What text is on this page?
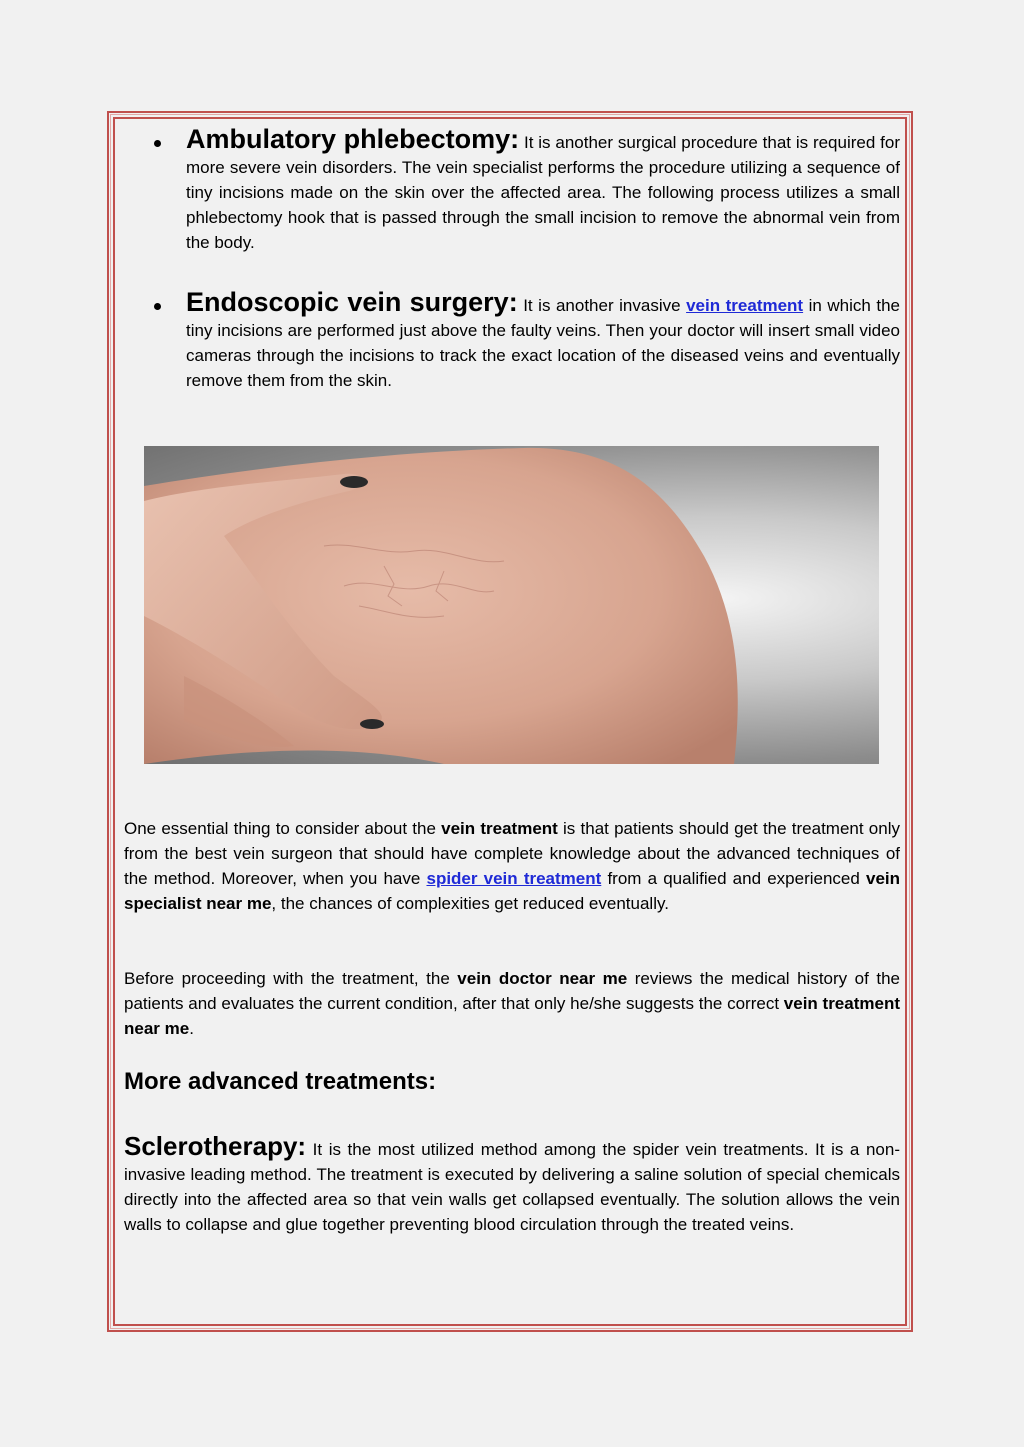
Ambulatory phlebectomy: It is another surgical procedure that is required for more severe vein disorders. The vein specialist performs the procedure utilizing a sequence of tiny incisions made on the skin over the affected area. The following process utilizes a small phlebectomy hook that is passed through the small incision to remove the abnormal vein from the body.
Endoscopic vein surgery: It is another invasive vein treatment in which the tiny incisions are performed just above the faulty veins. Then your doctor will insert small video cameras through the incisions to track the exact location of the diseased veins and eventually remove them from the skin.
One essential thing to consider about the vein treatment is that patients should get the treatment only from the best vein surgeon that should have complete knowledge about the advanced techniques of the method. Moreover, when you have spider vein treatment from a qualified and experienced vein specialist near me, the chances of complexities get reduced eventually.
Before proceeding with the treatment, the vein doctor near me reviews the medical history of the patients and evaluates the current condition, after that only he/she suggests the correct vein treatment near me.
More advanced treatments:
Sclerotherapy: It is the most utilized method among the spider vein treatments. It is a non-invasive leading method. The treatment is executed by delivering a saline solution of special chemicals directly into the affected area so that vein walls get collapsed eventually. The solution allows the vein walls to collapse and glue together preventing blood circulation through the treated veins.
